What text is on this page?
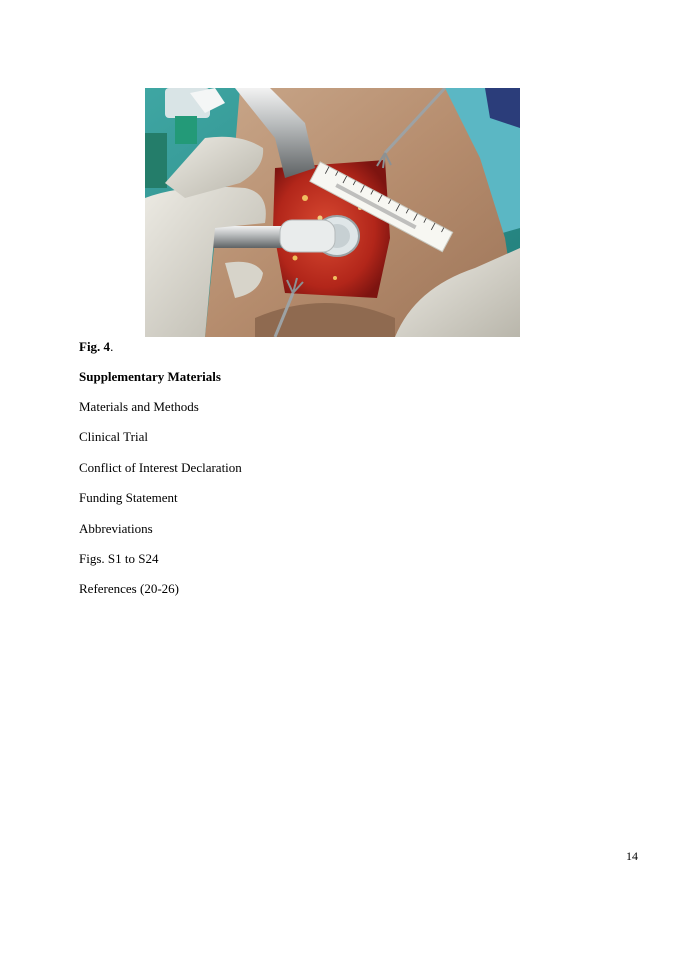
Fig. 4.
Supplementary Materials
Materials and Methods
Clinical Trial
Conflict of Interest Declaration
Funding Statement
Abbreviations
Figs. S1 to S24
References (20-26)
14
